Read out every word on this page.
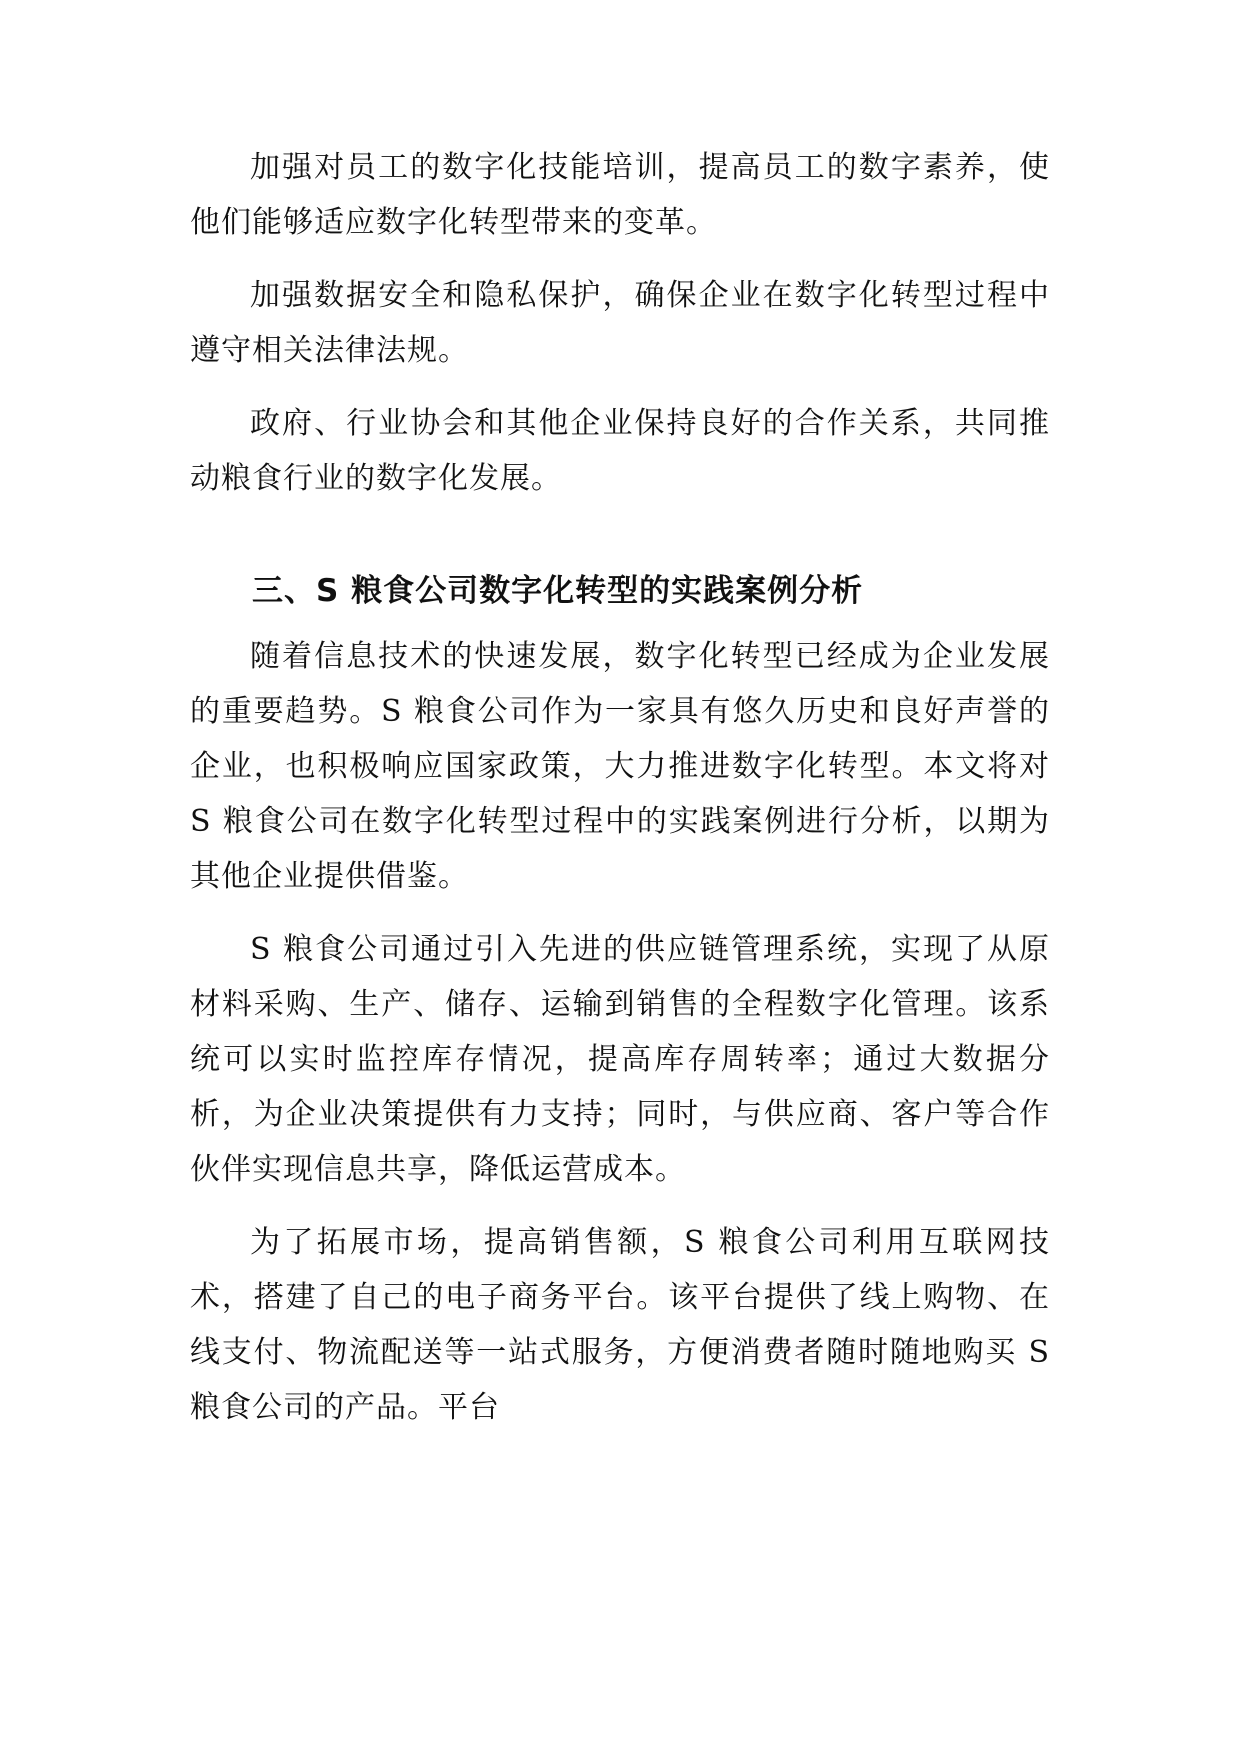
加强对员工的数字化技能培训，提高员工的数字素养，使他们能够适应数字化转型带来的变革。

加强数据安全和隐私保护，确保企业在数字化转型过程中遵守相关法律法规。

政府、行业协会和其他企业保持良好的合作关系，共同推动粮食行业的数字化发展。

三、S 粮食公司数字化转型的实践案例分析

随着信息技术的快速发展，数字化转型已经成为企业发展的重要趋势。S 粮食公司作为一家具有悠久历史和良好声誉的企业，也积极响应国家政策，大力推进数字化转型。本文将对 S 粮食公司在数字化转型过程中的实践案例进行分析，以期为其他企业提供借鉴。

S 粮食公司通过引入先进的供应链管理系统，实现了从原材料采购、生产、储存、运输到销售的全程数字化管理。该系统可以实时监控库存情况，提高库存周转率；通过大数据分析，为企业决策提供有力支持；同时，与供应商、客户等合作伙伴实现信息共享，降低运营成本。

为了拓展市场，提高销售额，S 粮食公司利用互联网技术，搭建了自己的电子商务平台。该平台提供了线上购物、在线支付、物流配送等一站式服务，方便消费者随时随地购买 S 粮食公司的产品。平台
